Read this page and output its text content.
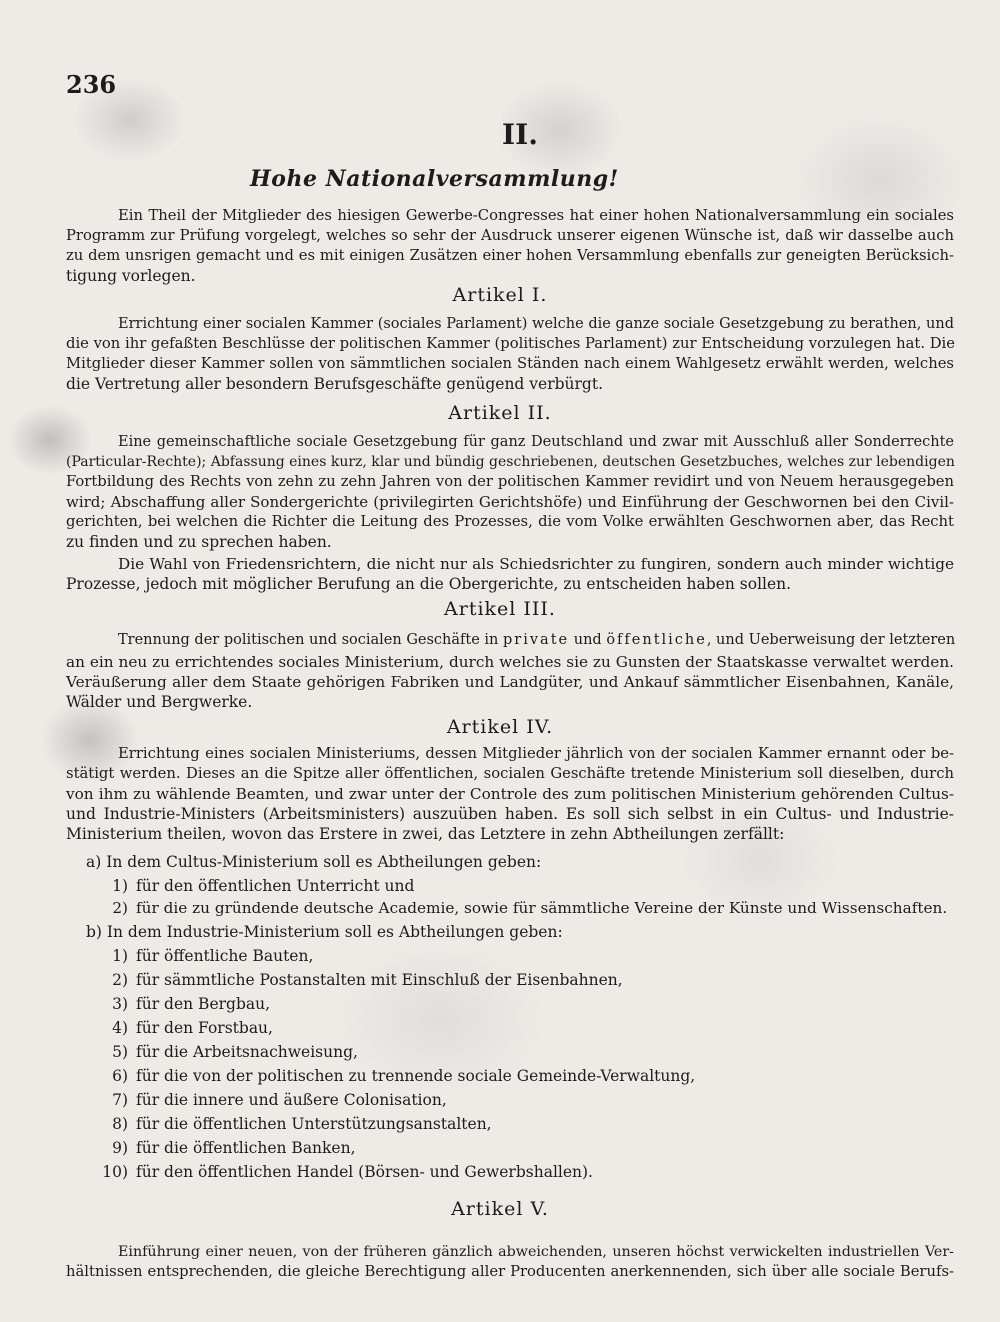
236
II.
Hohe Nationalversammlung!
Ein Theil der Mitglieder des hiesigen Gewerbe-Congresses hat einer hohen Nationalversammlung ein sociales
Programm zur Prüfung vorgelegt, welches so sehr der Ausdruck unserer eigenen Wünsche ist, daß wir dasselbe auch
zu dem unsrigen gemacht und es mit einigen Zusätzen einer hohen Versammlung ebenfalls zur geneigten Berücksich-
tigung vorlegen.
Artikel I.
Errichtung einer socialen Kammer (sociales Parlament) welche die ganze sociale Gesetzgebung zu berathen, und
die von ihr gefaßten Beschlüsse der politischen Kammer (politisches Parlament) zur Entscheidung vorzulegen hat. Die
Mitglieder dieser Kammer sollen von sämmtlichen socialen Ständen nach einem Wahlgesetz erwählt werden, welches
die Vertretung aller besondern Berufsgeschäfte genügend verbürgt.
Artikel II.
Eine gemeinschaftliche sociale Gesetzgebung für ganz Deutschland und zwar mit Ausschluß aller Sonderrechte
(Particular-Rechte); Abfassung eines kurz, klar und bündig geschriebenen, deutschen Gesetzbuches, welches zur lebendigen
Fortbildung des Rechts von zehn zu zehn Jahren von der politischen Kammer revidirt und von Neuem herausgegeben
wird; Abschaffung aller Sondergerichte (privilegirten Gerichtshöfe) und Einführung der Geschwornen bei den Civil-
gerichten, bei welchen die Richter die Leitung des Prozesses, die vom Volke erwählten Geschwornen aber, das Recht
zu finden und zu sprechen haben.
Die Wahl von Friedensrichtern, die nicht nur als Schiedsrichter zu fungiren, sondern auch minder wichtige
Prozesse, jedoch mit möglicher Berufung an die Obergerichte, zu entscheiden haben sollen.
Artikel III.
Trennung der politischen und socialen Geschäfte in private und öffentliche, und Ueberweisung der letzteren
an ein neu zu errichtendes sociales Ministerium, durch welches sie zu Gunsten der Staatskasse verwaltet werden.
Veräußerung aller dem Staate gehörigen Fabriken und Landgüter, und Ankauf sämmtlicher Eisenbahnen, Kanäle,
Wälder und Bergwerke.
Artikel IV.
Errichtung eines socialen Ministeriums, dessen Mitglieder jährlich von der socialen Kammer ernannt oder be-
stätigt werden. Dieses an die Spitze aller öffentlichen, socialen Geschäfte tretende Ministerium soll dieselben, durch
von ihm zu wählende Beamten, und zwar unter der Controle des zum politischen Ministerium gehörenden Cultus-
und Industrie-Ministers (Arbeitsministers) auszuüben haben. Es soll sich selbst in ein Cultus- und Industrie-
Ministerium theilen, wovon das Erstere in zwei, das Letztere in zehn Abtheilungen zerfällt:
a) In dem Cultus-Ministerium soll es Abtheilungen geben:
1) für den öffentlichen Unterricht und
2) für die zu gründende deutsche Academie, sowie für sämmtliche Vereine der Künste und Wissenschaften.
b) In dem Industrie-Ministerium soll es Abtheilungen geben:
1) für öffentliche Bauten,
2) für sämmtliche Postanstalten mit Einschluß der Eisenbahnen,
3) für den Bergbau,
4) für den Forstbau,
5) für die Arbeitsnachweisung,
6) für die von der politischen zu trennende sociale Gemeinde-Verwaltung,
7) für die innere und äußere Colonisation,
8) für die öffentlichen Unterstützungsanstalten,
9) für die öffentlichen Banken,
10) für den öffentlichen Handel (Börsen- und Gewerbshallen).
Artikel V.
Einführung einer neuen, von der früheren gänzlich abweichenden, unseren höchst verwickelten industriellen Ver-
hältnissen entsprechenden, die gleiche Berechtigung aller Producenten anerkennenden, sich über alle sociale Berufs-
